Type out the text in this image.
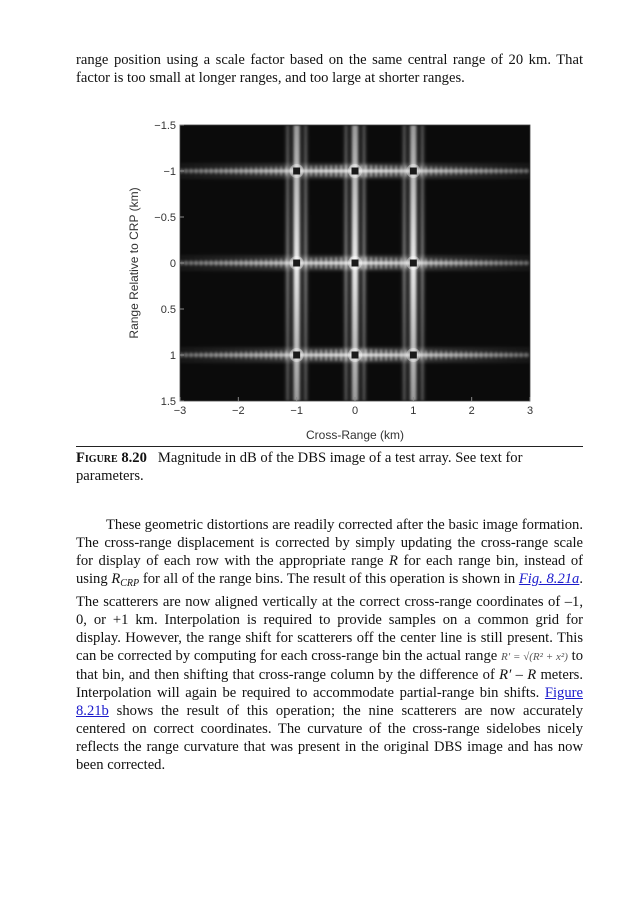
range position using a scale factor based on the same central range of 20 km. That factor is too small at longer ranges, and too large at shorter ranges.

−3	−2	−1	0	1	2	3
−1.5
−1
−0.5
0
0.5
1
1.5
Cross-Range (km)
Range Relative to CRP (km)

Figure 8.20 Magnitude in dB of the DBS image of a test array. See text for parameters.

These geometric distortions are readily corrected after the basic image formation. The cross-range displacement is corrected by simply updating the cross-range scale for display of each row with the appropriate range R for each range bin, instead of using $R_{CRP}$ for all of the range bins. The result of this operation is shown in Fig. 8.21a. The scatterers are now aligned vertically at the correct cross-range coordinates of –1, 0, or +1 km. Interpolation is required to provide samples on a common grid for display. However, the range shift for scatterers off the center line is still present. This can be corrected by computing for each cross-range bin the actual range R′ = √(R² + x²) to that bin, and then shifting that cross-range column by the difference of R′ – R meters. Interpolation will again be required to accommodate partial-range bin shifts. Figure 8.21b shows the result of this operation; the nine scatterers are now accurately centered on correct coordinates. The curvature of the cross-range sidelobes nicely reflects the range curvature that was present in the original DBS image and has now been corrected.
